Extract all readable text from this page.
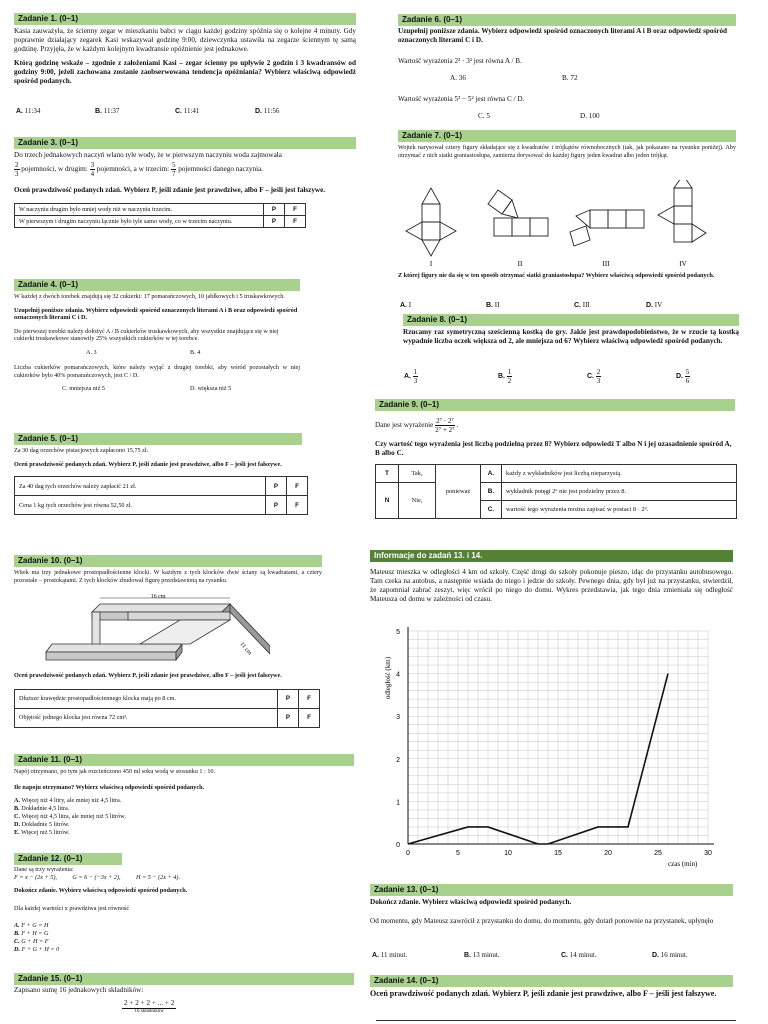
Zadanie 1. (0–1)
Kasia zauważyła, że ścienny zegar w mieszkaniu babci w ciągu każdej godziny spóźnia się o kolejne 4 minuty. Gdy poprawnie działający zegarek Kasi wskazywał godzinę 9:00, dziewczynka ustawiła na zegarze ściennym tę samą godzinę. Przyjęła, że w każdym kolejnym kwadransie opóźnienie jest jednakowe.
Którą godzinę wskaże – zgodnie z założeniami Kasi – zegar ścienny po upływie 2 godzin i 3 kwadransów od godziny 9:00, jeżeli zachowana zostanie zaobserwowana tendencja opóźniania? Wybierz właściwą odpowiedź spośród podanych.
A. 11:34	B. 11:37	C. 11:41	D. 11:56
Zadanie 3. (0–1)
Do trzech jednakowych naczyń wlano tyle wody, że w pierwszym naczyniu woda zajmowała
$\frac{2}{3}$ pojemności, w drugim: $\frac{3}{4}$ pojemności, a w trzecim: $\frac{5}{7}$ pojemności danego naczynia.
Oceń prawdziwość podanych zdań. Wybierz P, jeśli zdanie jest prawdziwe, albo F – jeśli jest fałszywe.
W naczyniu drugim było mniej wody niż w naczyniu trzecim.	P	F
W pierwszym i drugim naczyniu łącznie było tyle samo wody, co w trzecim naczyniu.	P	F
Zadanie 4. (0–1)
W każdej z dwóch torebek znajdują się 32 cukierki: 17 pomarańczowych, 10 jabłkowych i 5 truskawkowych.
Uzupełnij poniższe zdania. Wybierz odpowiedź spośród oznaczonych literami A i B oraz odpowiedź spośród oznaczonych literami C i D.
Do pierwszej torebki należy dołożyć A / B cukierków truskawkowych, aby wszystkie znajdujące się w niej cukierki truskawkowe stanowiły 25% wszystkich cukierków w tej torebce.
A. 3	B. 4
Liczba cukierków pomarańczowych, które należy wyjąć z drugiej torebki, aby wśród pozostałych w niej cukierków było 40% pomarańczowych, jest C / D.
C. mniejsza niż 5	D. większa niż 5
Zadanie 5. (0–1)
Za 30 dag orzechów pistacjowych zapłacono 15,75 zł.
Oceń prawdziwość podanych zdań. Wybierz P, jeśli zdanie jest prawdziwe, albo F – jeśli jest fałszywe.
Za 40 dag tych orzechów należy zapłacić 21 zł.	P	F
Cena 1 kg tych orzechów jest równa 52,50 zł.	P	F
Zadanie 10. (0–1)
Witek ma trzy jednakowe prostopadłościenne klocki. W każdym z tych klocków dwie ściany są kwadratami, a cztery pozostałe – prostokątami. Z tych klocków zbudował figurę przedstawioną na rysunku.
16 cm
11 cm
Oceń prawdziwość podanych zdań. Wybierz P, jeśli zdanie jest prawdziwe, albo F – jeśli jest fałszywe.
Dłuższe krawędzie prostopadłościennego klocka mają po 8 cm.	P	F
Objętość jednego klocka jest równa 72 cm³.	P	F
Zadanie 11. (0–1)
Napój otrzymano, po tym jak rozcieńczono 450 ml soku wodą w stosunku 1 : 10.
Ile napoju otrzymano? Wybierz właściwą odpowiedź spośród podanych.
A. Więcej niż 4 litry, ale mniej niż 4,5 litra.
B. Dokładnie 4,5 litra.
C. Więcej niż 4,5 litra, ale mniej niż 5 litrów.
D. Dokładnie 5 litrów.
E. Więcej niż 5 litrów.
Zadanie 12. (0–1)
Dane są trzy wyrażenia:
F = x − (2x + 5),          G = 6 − (−3x + 2),          H = 5 − (2x + 4).
Dokończ zdanie. Wybierz właściwą odpowiedź spośród podanych.
Dla każdej wartości x prawdziwa jest równość
A. F + G = H
B. F + H = G
C. G + H = F
D. F + G + H = 0
Zadanie 15. (0–1)
Zapisano sumę 16 jednakowych składników:
2 + 2 + 2 + ... + 2
16 składników
Zadanie 6. (0–1)
Uzupełnij poniższe zdania. Wybierz odpowiedź spośród oznaczonych literami A i B oraz odpowiedź spośród oznaczonych literami C i D.
Wartość wyrażenia 2³ · 3² jest równa A / B.
A. 36	B. 72
Wartość wyrażenia 5³ − 5² jest równa C / D.
C. 5	D. 100
Zadanie 7. (0–1)
Wojtek narysował cztery figury składające się z kwadratów i trójkątów równobocznych (tak, jak pokazano na rysunku poniżej). Aby otrzymać z nich siatki graniastosłupa, zamierza dorysować do każdej figury jeden kwadrat albo jeden trójkąt.
I	II	III	IV
Z której figury nie da się w ten sposób otrzymać siatki graniastosłupa? Wybierz właściwą odpowiedź spośród podanych.
A. I	B. II	C. III	D. IV
Zadanie 8. (0–1)
Rzucamy raz symetryczną sześcienną kostką do gry. Jakie jest prawdopodobieństwo, że w rzucie tą kostką wypadnie liczba oczek większa od 2, ale mniejsza od 6? Wybierz właściwą odpowiedź spośród podanych.
A. $\frac{1}{3}$	B. $\frac{1}{2}$	C. $\frac{2}{3}$	D. $\frac{5}{6}$
Zadanie 9. (0–1)
Dane jest wyrażenie $\frac{\text{2⁷ · 2⁷}}{\text{2⁷ + 2⁷}}$ .
Czy wartość tego wyrażenia jest liczbą podzielną przez 8? Wybierz odpowiedź T albo N i jej uzasadnienie spośród A, B albo C.
T	Tak,	ponieważ	A.	każdy z wykładników jest liczbą nieparzystą.
N	Nie,		B.	wykładnik potęgi 2⁶ nie jest podzielny przez 8.
			C.	wartość tego wyrażenia można zapisać w postaci 8 · 2³.
Informacje do zadań 13. i 14.
Mateusz mieszka w odległości 4 km od szkoły. Część drogi do szkoły pokonuje pieszo, idąc do przystanku autobusowego. Tam czeka na autobus, a następnie wsiada do niego i jedzie do szkoły. Pewnego dnia, gdy był już na przystanku, stwierdził, że zapomniał zabrać zeszyt, więc wrócił po niego do domu. Wykres przedstawia, jak tego dnia zmieniała się odległość Mateusza od domu w zależności od czasu.
0	5	10	15	20	25	30
0
1
2
3
4
5
odległość (km)
czas (min)
Zadanie 13. (0–1)
Dokończ zdanie. Wybierz właściwą odpowiedź spośród podanych.
Od momentu, gdy Mateusz zawrócił z przystanku do domu, do momentu, gdy dotarł ponownie na przystanek, upłynęło
A. 11 minut.	B. 13 minut.	C. 14 minut.	D. 16 minut.
Zadanie 14. (0–1)
Oceń prawdziwość podanych zdań. Wybierz P, jeśli zdanie jest prawdziwe, albo F – jeśli jest fałszywe.
